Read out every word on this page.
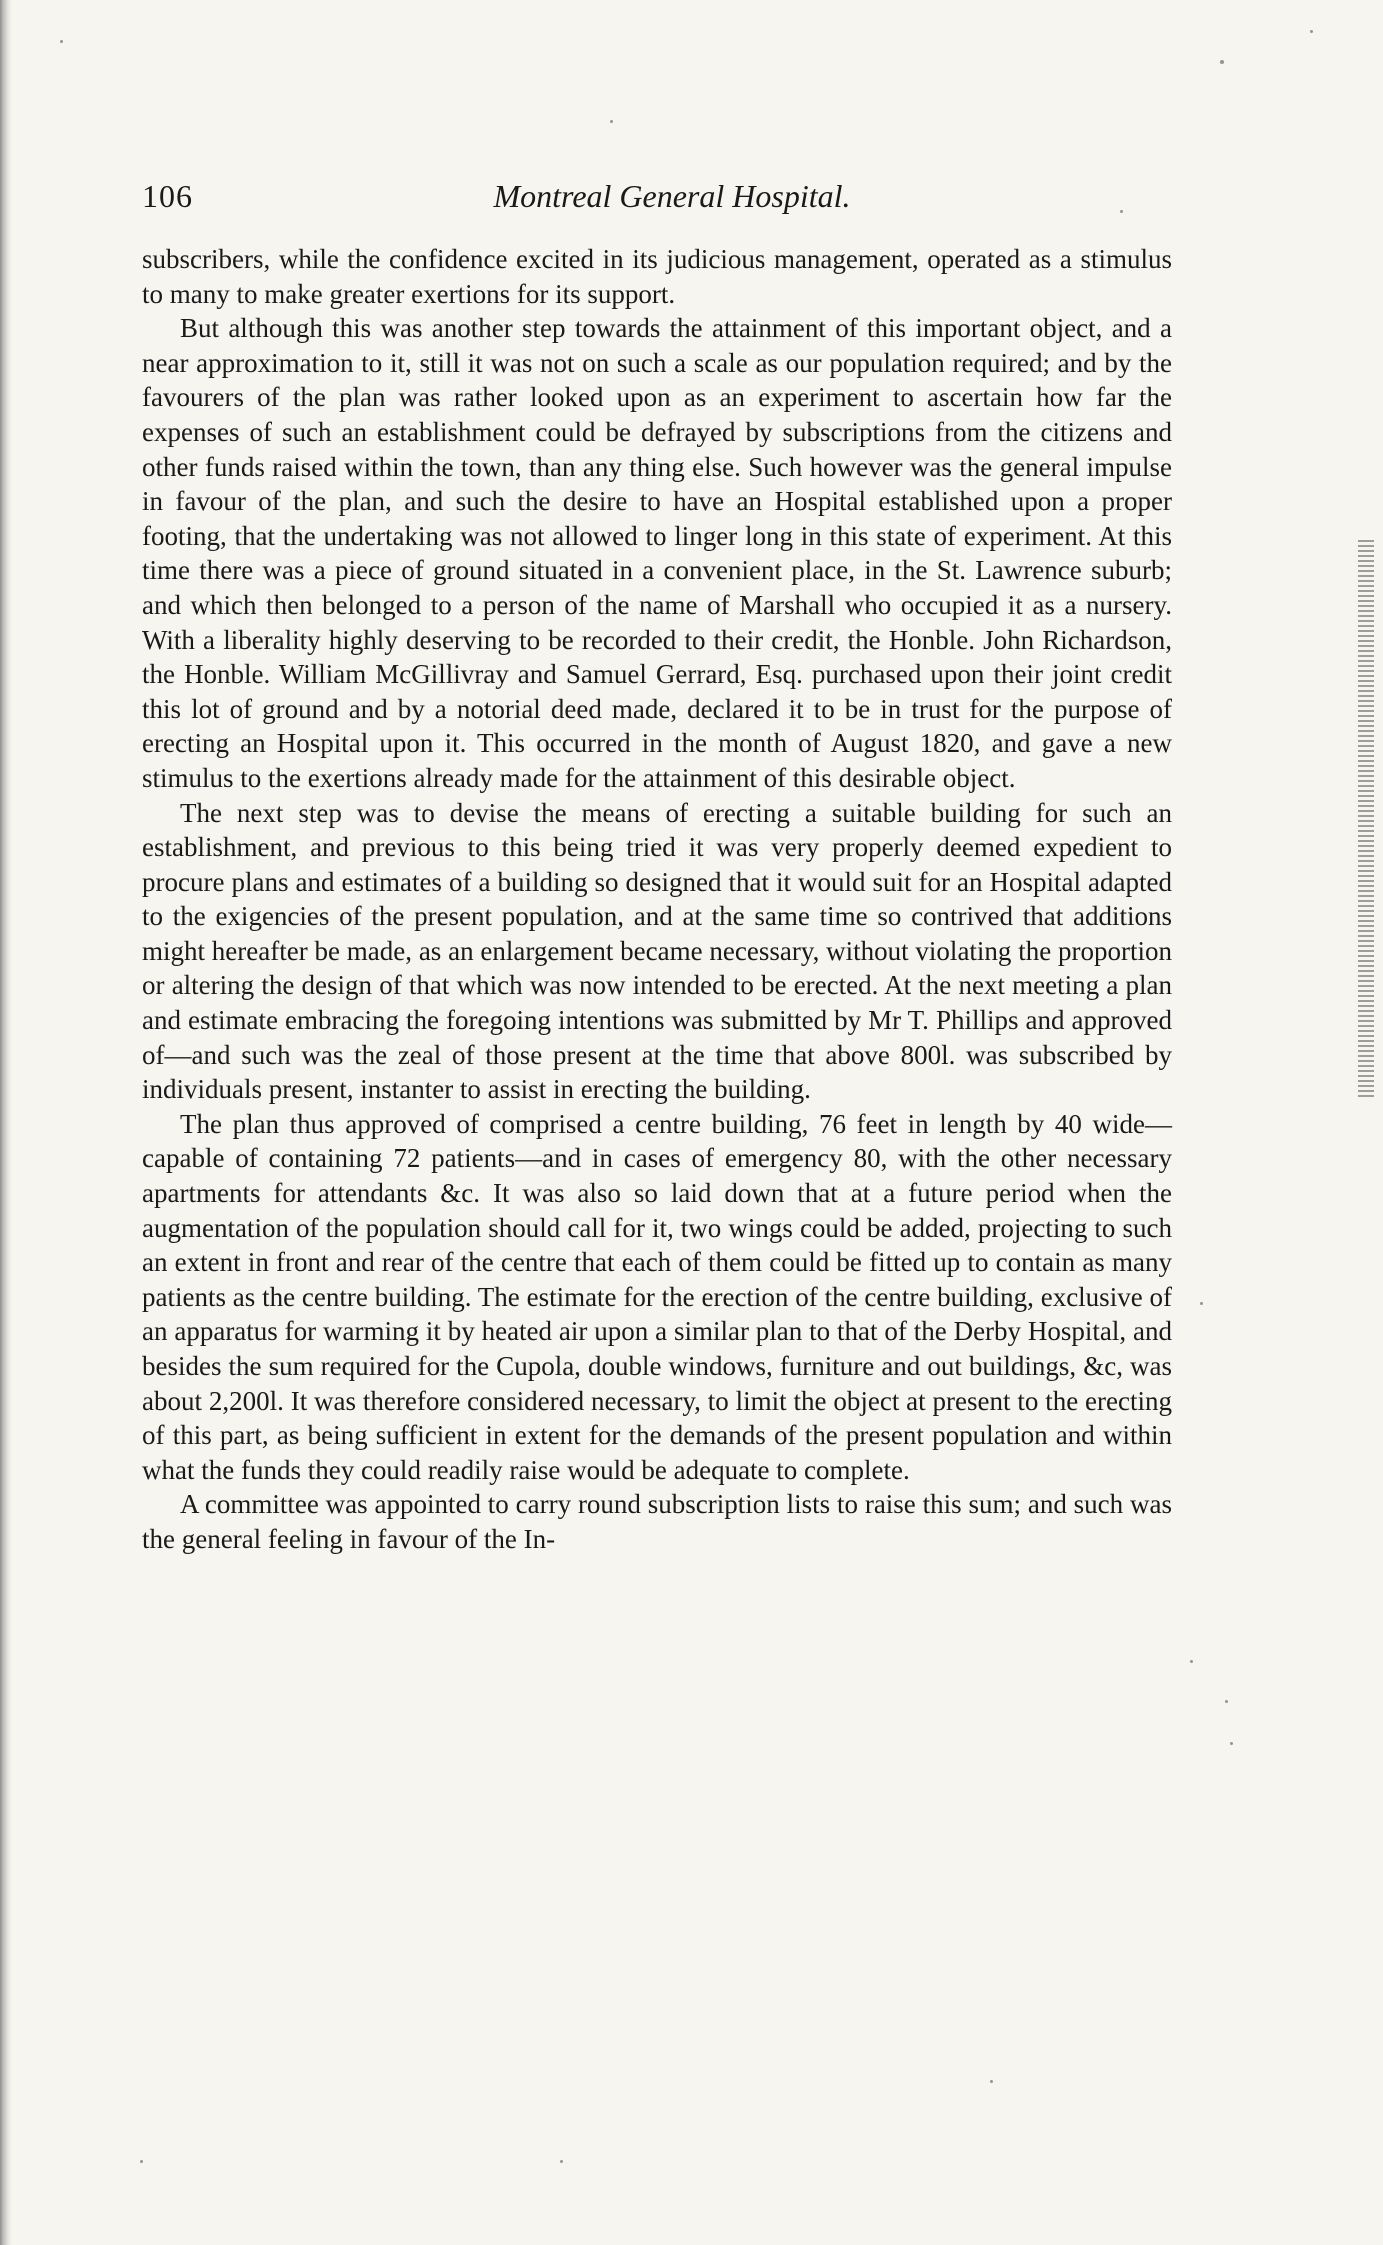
106	Montreal General Hospital.

subscribers, while the confidence excited in its judicious management, operated as a stimulus to many to make greater exertions for its support.

But although this was another step towards the attainment of this important object, and a near approximation to it, still it was not on such a scale as our population required; and by the favourers of the plan was rather looked upon as an experiment to ascertain how far the expenses of such an establishment could be defrayed by subscriptions from the citizens and other funds raised within the town, than any thing else. Such however was the general impulse in favour of the plan, and such the desire to have an Hospital established upon a proper footing, that the undertaking was not allowed to linger long in this state of experiment. At this time there was a piece of ground situated in a convenient place, in the St. Lawrence suburb; and which then belonged to a person of the name of Marshall who occupied it as a nursery. With a liberality highly deserving to be recorded to their credit, the Honble. John Richardson, the Honble. William McGillivray and Samuel Gerrard, Esq. purchased upon their joint credit this lot of ground and by a notorial deed made, declared it to be in trust for the purpose of erecting an Hospital upon it. This occurred in the month of August 1820, and gave a new stimulus to the exertions already made for the attainment of this desirable object.

The next step was to devise the means of erecting a suitable building for such an establishment, and previous to this being tried it was very properly deemed expedient to procure plans and estimates of a building so designed that it would suit for an Hospital adapted to the exigencies of the present population, and at the same time so contrived that additions might hereafter be made, as an enlargement became necessary, without violating the proportion or altering the design of that which was now intended to be erected. At the next meeting a plan and estimate embracing the foregoing intentions was submitted by Mr T. Phillips and approved of—and such was the zeal of those present at the time that above 800l. was subscribed by individuals present, instanter to assist in erecting the building.

The plan thus approved of comprised a centre building, 76 feet in length by 40 wide—capable of containing 72 patients—and in cases of emergency 80, with the other necessary apartments for attendants &c. It was also so laid down that at a future period when the augmentation of the population should call for it, two wings could be added, projecting to such an extent in front and rear of the centre that each of them could be fitted up to contain as many patients as the centre building. The estimate for the erection of the centre building, exclusive of an apparatus for warming it by heated air upon a similar plan to that of the Derby Hospital, and besides the sum required for the Cupola, double windows, furniture and out buildings, &c, was about 2,200l. It was therefore considered necessary, to limit the object at present to the erecting of this part, as being sufficient in extent for the demands of the present population and within what the funds they could readily raise would be adequate to complete.

A committee was appointed to carry round subscription lists to raise this sum; and such was the general feeling in favour of the In-
